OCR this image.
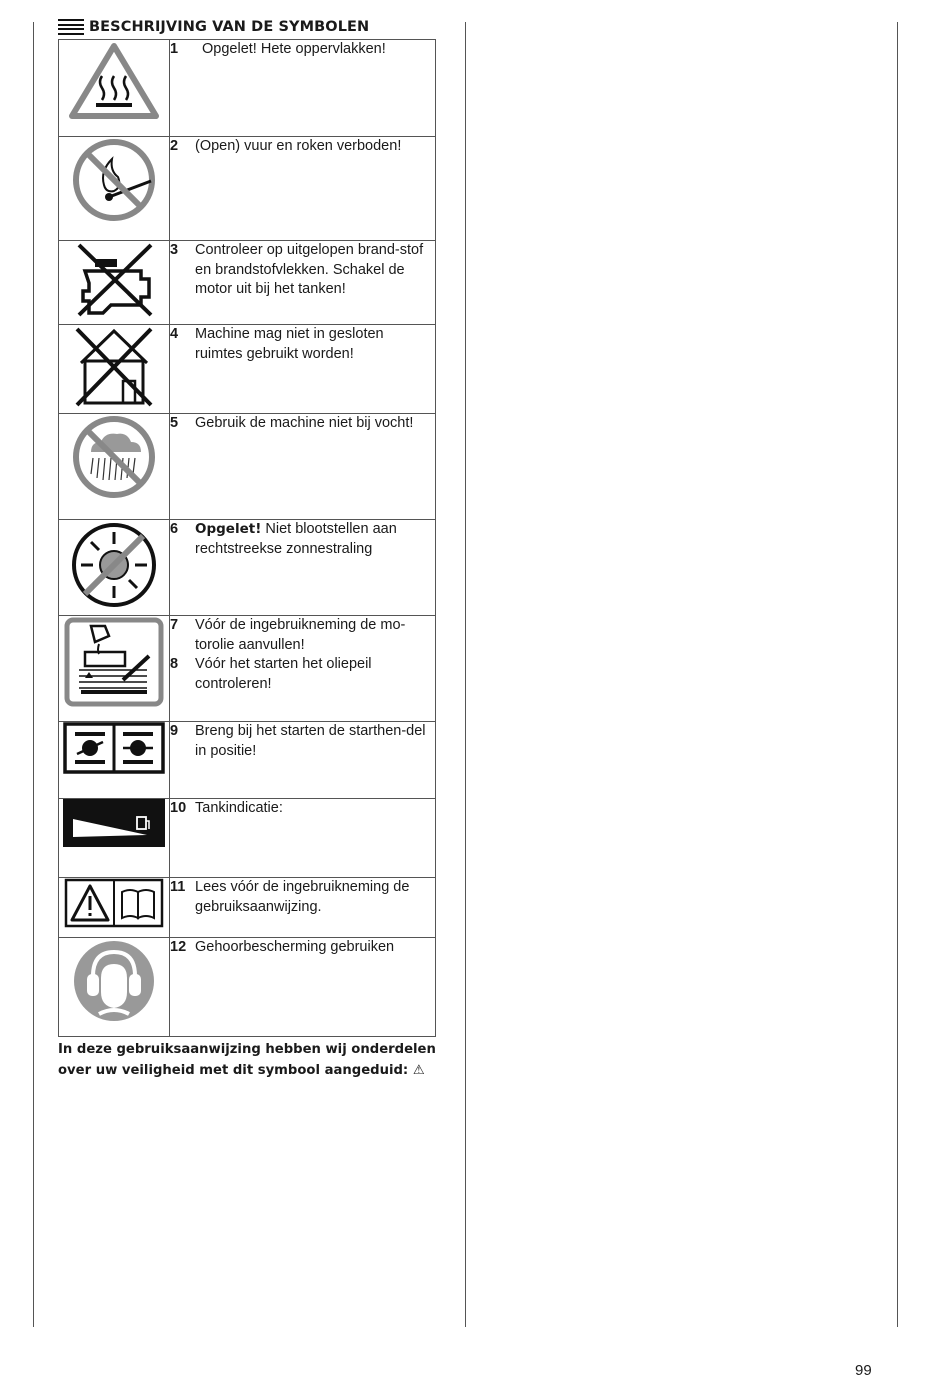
BESCHRIJVING VAN DE SYMBOLEN

1 Opgelet! Hete oppervlakken!

2 (Open) vuur en roken verboden!

3 Controleer op uitgelopen brand-stof en brandstofvlekken. Schakel de motor uit bij het tanken!

4 Machine mag niet in gesloten ruimtes gebruikt worden!

5 Gebruik de machine niet bij vocht!

6 Opgelet! Niet blootstellen aan rechtstreekse zonnestraling

7 Vóór de ingebruikneming de mo-torolie aanvullen!
8 Vóór het starten het oliepeil controleren!

9 Breng bij het starten de starthen-del in positie!

10 Tankindicatie:

11 Lees vóór de ingebruikneming de gebruiksaanwijzing.

12 Gehoorbescherming gebruiken
In deze gebruiksaanwijzing hebben wij onderdelen over uw veiligheid met dit symbool aangeduid: ⚠
99
